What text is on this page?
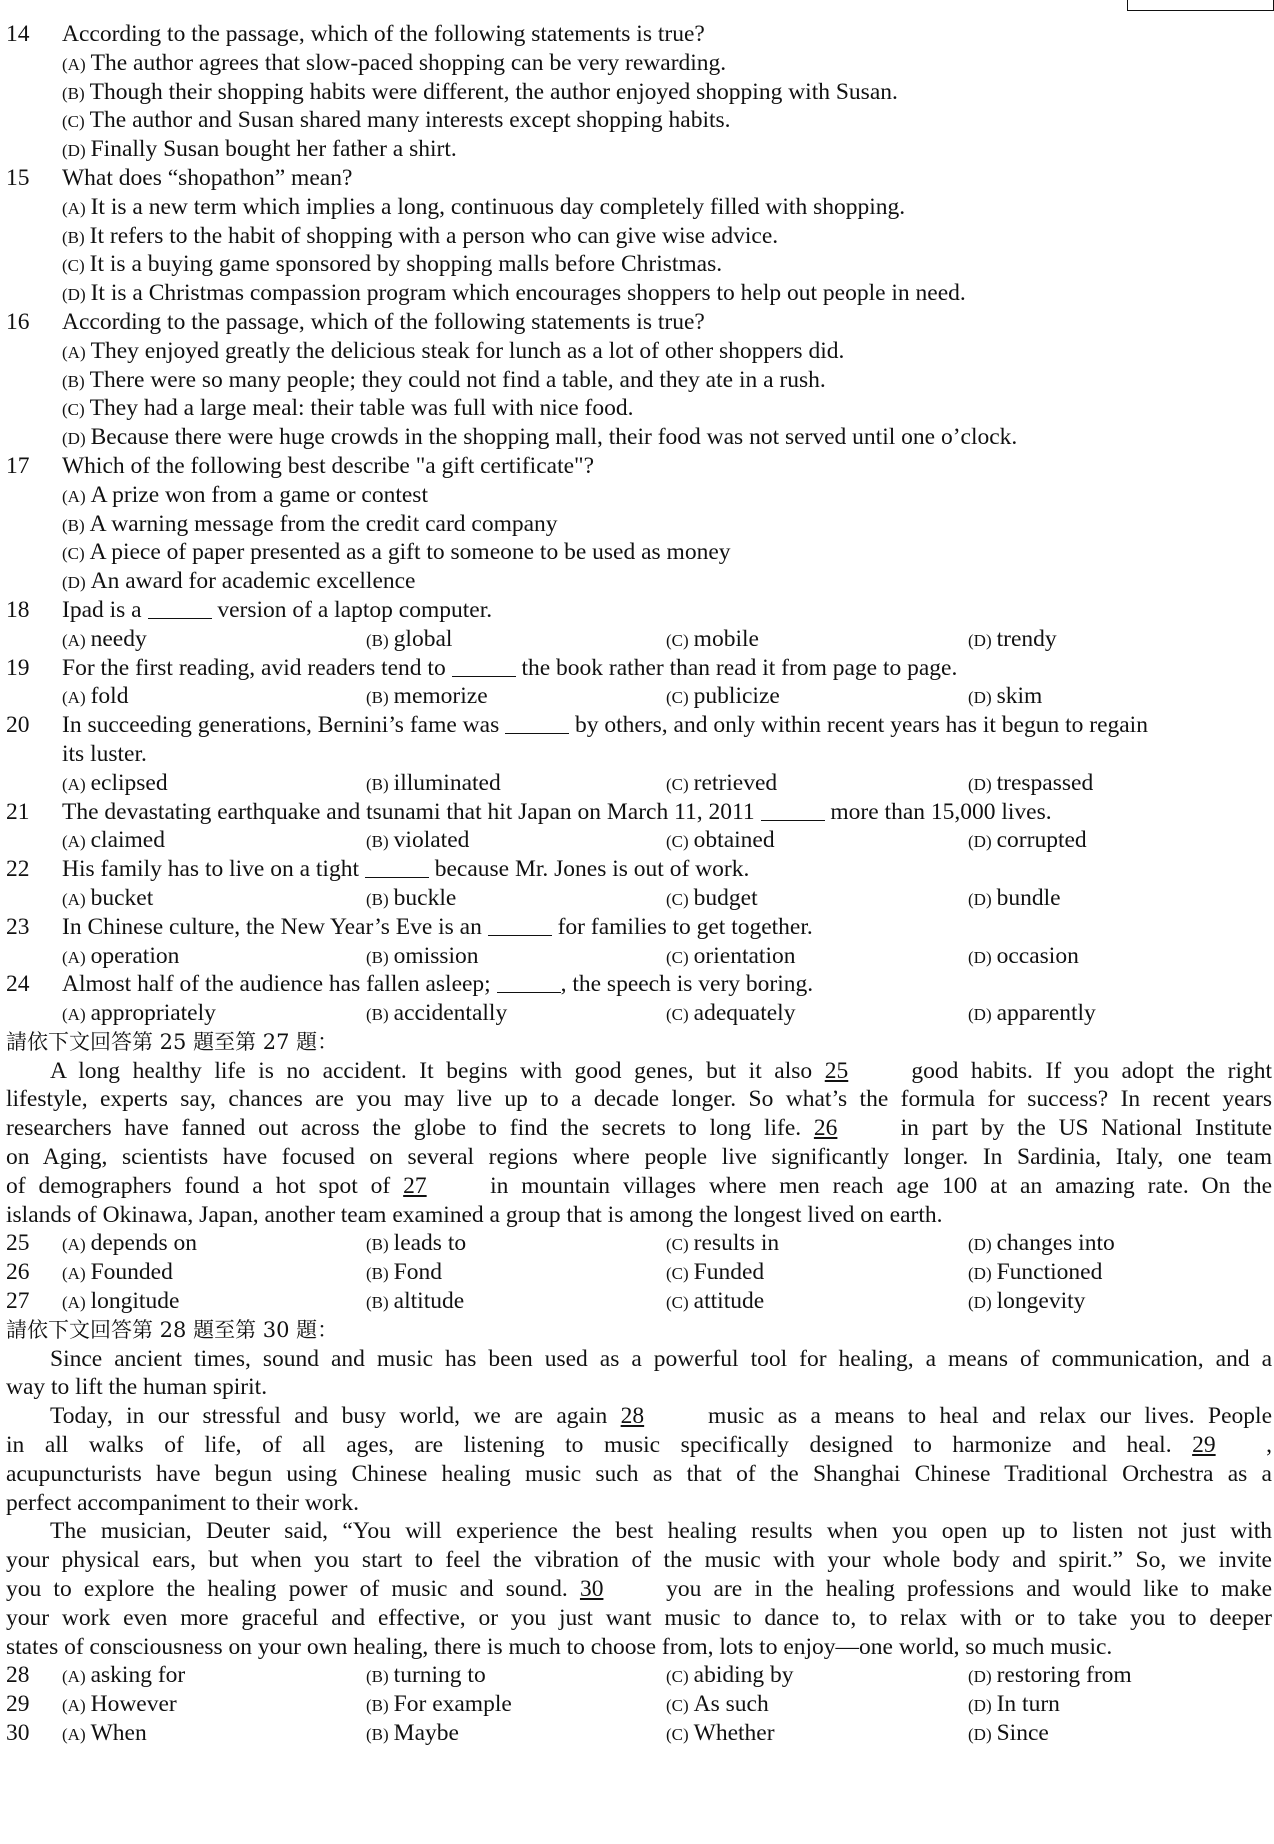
14 According to the passage, which of the following statements is true?
(A) The author agrees that slow-paced shopping can be very rewarding.
(B) Though their shopping habits were different, the author enjoyed shopping with Susan.
(C) The author and Susan shared many interests except shopping habits.
(D) Finally Susan bought her father a shirt.
15 What does “shopathon” mean?
(A) It is a new term which implies a long, continuous day completely filled with shopping.
(B) It refers to the habit of shopping with a person who can give wise advice.
(C) It is a buying game sponsored by shopping malls before Christmas.
(D) It is a Christmas compassion program which encourages shoppers to help out people in need.
16 According to the passage, which of the following statements is true?
(A) They enjoyed greatly the delicious steak for lunch as a lot of other shoppers did.
(B) There were so many people; they could not find a table, and they ate in a rush.
(C) They had a large meal: their table was full with nice food.
(D) Because there were huge crowds in the shopping mall, their food was not served until one o’clock.
17 Which of the following best describe "a gift certificate"?
(A) A prize won from a game or contest
(B) A warning message from the credit card company
(C) A piece of paper presented as a gift to someone to be used as money
(D) An award for academic excellence
18 Ipad is a	version of a laptop computer.
(A) needy	(B) global	(C) mobile	(D) trendy
19 For the first reading, avid readers tend to	the book rather than read it from page to page.
(A) fold	(B) memorize	(C) publicize	(D) skim
20 In succeeding generations, Bernini’s fame was	by others, and only within recent years has it begun to regain
its luster.
(A) eclipsed	(B) illuminated	(C) retrieved	(D) trespassed
21 The devastating earthquake and tsunami that hit Japan on March 11, 2011	more than 15,000 lives.
(A) claimed	(B) violated	(C) obtained	(D) corrupted
22 His family has to live on a tight	because Mr. Jones is out of work.
(A) bucket	(B) buckle	(C) budget	(D) bundle
23 In Chinese culture, the New Year’s Eve is an	for families to get together.
(A) operation	(B) omission	(C) orientation	(D) occasion
24 Almost half of the audience has fallen asleep;	, the speech is very boring.
(A) appropriately	(B) accidentally	(C) adequately	(D) apparently
請依下文回答第 25 題至第 27 題：
A long healthy life is no accident. It begins with good genes, but it also 25	good habits. If you adopt the right
lifestyle, experts say, chances are you may live up to a decade longer. So what’s the formula for success? In recent years
researchers have fanned out across the globe to find the secrets to long life. 26	in part by the US National Institute
on Aging, scientists have focused on several regions where people live significantly longer. In Sardinia, Italy, one team
of demographers found a hot spot of 27	in mountain villages where men reach age 100 at an amazing rate. On the
islands of Okinawa, Japan, another team examined a group that is among the longest lived on earth.
25 (A) depends on	(B) leads to	(C) results in	(D) changes into
26 (A) Founded	(B) Fond	(C) Funded	(D) Functioned
27 (A) longitude	(B) altitude	(C) attitude	(D) longevity
請依下文回答第 28 題至第 30 題：
Since ancient times, sound and music has been used as a powerful tool for healing, a means of communication, and a
way to lift the human spirit.
Today, in our stressful and busy world, we are again 28	music as a means to heal and relax our lives. People
in all walks of life, of all ages, are listening to music specifically designed to harmonize and heal. 29 ,
acupuncturists have begun using Chinese healing music such as that of the Shanghai Chinese Traditional Orchestra as a
perfect accompaniment to their work.
The musician, Deuter said, “You will experience the best healing results when you open up to listen not just with
your physical ears, but when you start to feel the vibration of the music with your whole body and spirit.” So, we invite
you to explore the healing power of music and sound. 30	you are in the healing professions and would like to make
your work even more graceful and effective, or you just want music to dance to, to relax with or to take you to deeper
states of consciousness on your own healing, there is much to choose from, lots to enjoy—one world, so much music.
28 (A) asking for	(B) turning to	(C) abiding by	(D) restoring from
29 (A) However	(B) For example	(C) As such	(D) In turn
30 (A) When	(B) Maybe	(C) Whether	(D) Since
